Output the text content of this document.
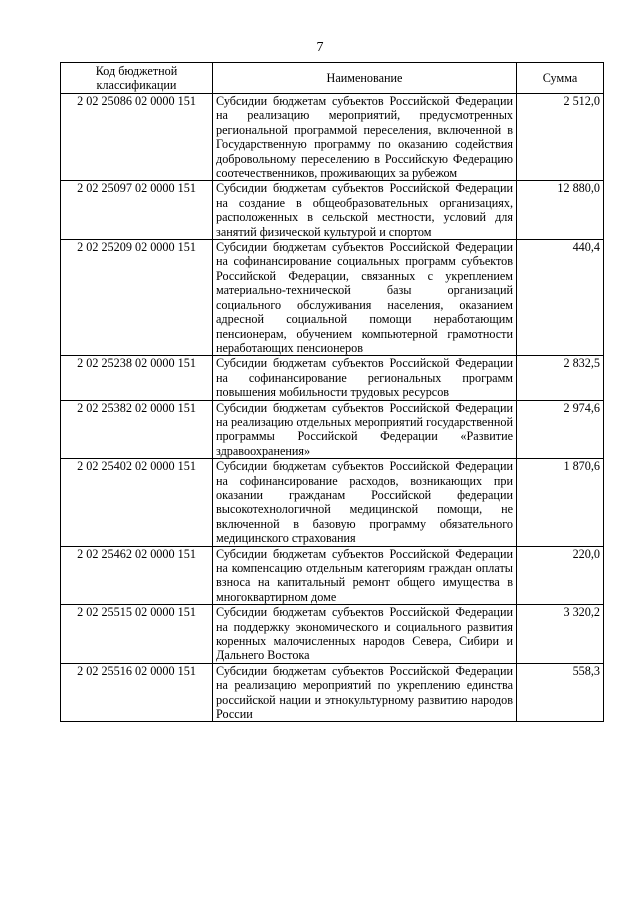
7
Код бюджетной классификации	Наименование	Сумма
2 02 25086 02 0000 151	Субсидии бюджетам субъектов Российской Федерации на реализацию мероприятий, предусмотренных региональной программой переселения, включенной в Государственную программу по оказанию содействия добровольному переселению в Российскую Федерацию соотечественников, проживающих за рубежом	2 512,0
2 02 25097 02 0000 151	Субсидии бюджетам субъектов Российской Федерации на создание в общеобразовательных организациях, расположенных в сельской местности, условий для занятий физической культурой и спортом	12 880,0
2 02 25209 02 0000 151	Субсидии бюджетам субъектов Российской Федерации на софинансирование социальных программ субъектов Российской Федерации, связанных с укреплением материально-технической базы организаций социального обслуживания населения, оказанием адресной социальной помощи неработающим пенсионерам, обучением компьютерной грамотности неработающих пенсионеров	440,4
2 02 25238 02 0000 151	Субсидии бюджетам субъектов Российской Федерации на софинансирование региональных программ повышения мобильности трудовых ресурсов	2 832,5
2 02 25382 02 0000 151	Субсидии бюджетам субъектов Российской Федерации на реализацию отдельных мероприятий государственной программы Российской Федерации «Развитие здравоохранения»	2 974,6
2 02 25402 02 0000 151	Субсидии бюджетам субъектов Российской Федерации на софинансирование расходов, возникающих при оказании гражданам Российской федерации высокотехнологичной медицинской помощи, не включенной в базовую программу обязательного медицинского страхования	1 870,6
2 02 25462 02 0000 151	Субсидии бюджетам субъектов Российской Федерации на компенсацию отдельным категориям граждан оплаты взноса на капитальный ремонт общего имущества в многоквартирном доме	220,0
2 02 25515 02 0000 151	Субсидии бюджетам субъектов Российской Федерации на поддержку экономического и социального развития коренных малочисленных народов Севера, Сибири и Дальнего Востока	3 320,2
2 02 25516 02 0000 151	Субсидии бюджетам субъектов Российской Федерации на реализацию мероприятий по укреплению единства российской нации и этнокультурному развитию народов России	558,3
